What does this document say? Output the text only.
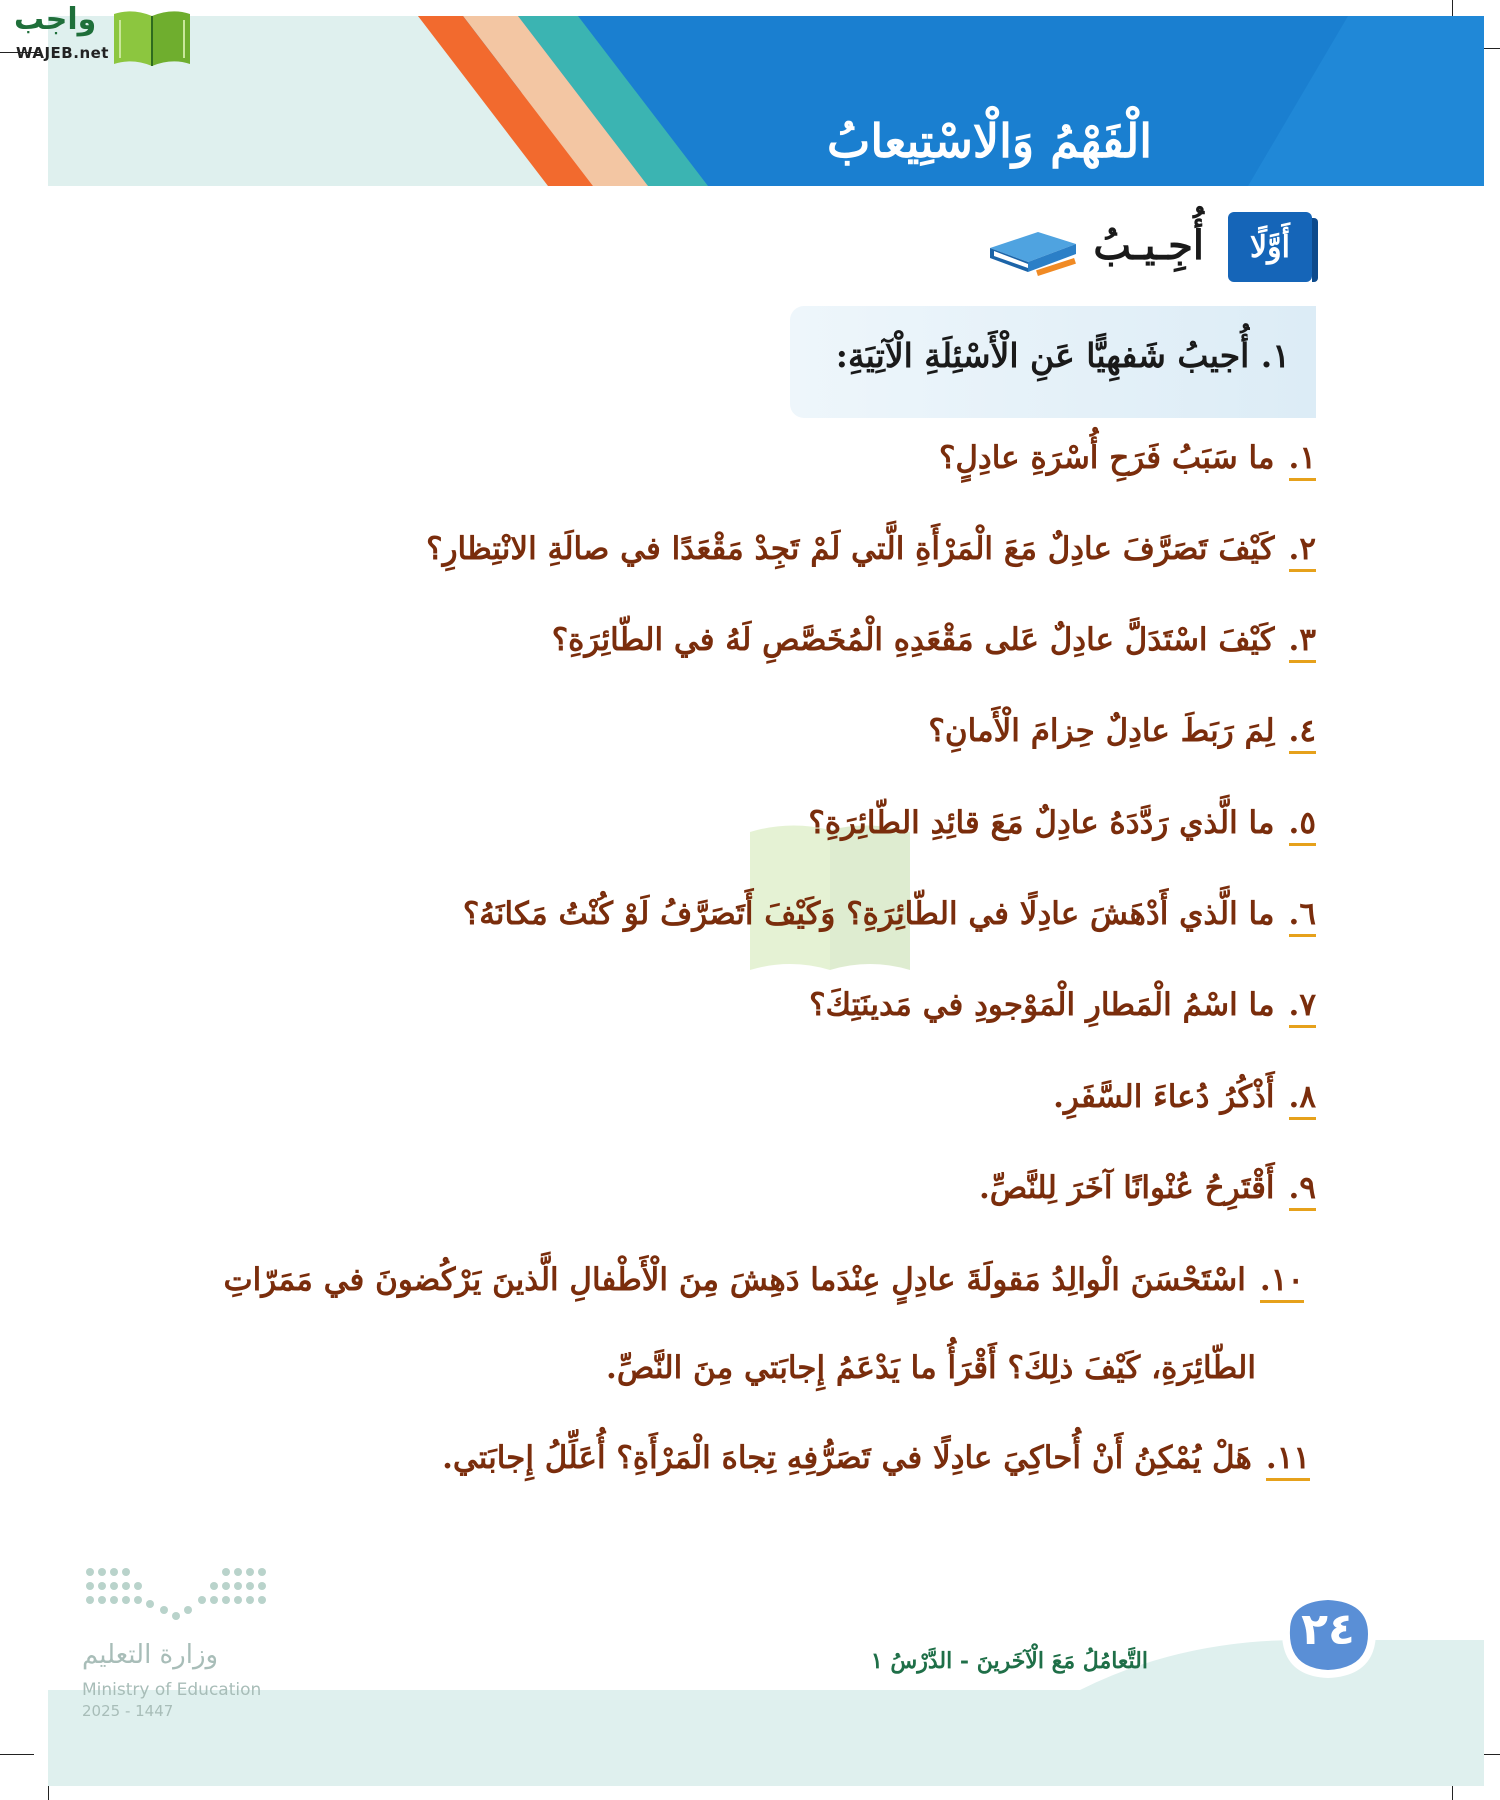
الْفَهْمُ وَالْاسْتِيعابُ
واجب
WAJEB.net
أَوَّلًا
أُجِـيـبُ
١. أُجيبُ شَفهِيًّا عَنِ الْأَسْئِلَةِ الْآتِيَةِ:
١.ما سَبَبُ فَرَحِ أُسْرَةِ عادِلٍ؟
٢.كَيْفَ تَصَرَّفَ عادِلٌ مَعَ الْمَرْأَةِ الَّتي لَمْ تَجِدْ مَقْعَدًا في صالَةِ الانْتِظارِ؟
٣.كَيْفَ اسْتَدَلَّ عادِلٌ عَلى مَقْعَدِهِ الْمُخَصَّصِ لَهُ في الطّائِرَةِ؟
٤.لِمَ رَبَطَ عادِلٌ حِزامَ الْأَمانِ؟
٥.ما الَّذي رَدَّدَهُ عادِلٌ مَعَ قائِدِ الطّائِرَةِ؟
٦.ما الَّذي أَدْهَشَ عادِلًا في الطّائِرَةِ؟ وَكَيْفَ أَتَصَرَّفُ لَوْ كُنْتُ مَكانَهُ؟
٧.ما اسْمُ الْمَطارِ الْمَوْجودِ في مَدينَتِكَ؟
٨.أَذْكُرُ دُعاءَ السَّفَرِ.
٩.أَقْتَرِحُ عُنْوانًا آخَرَ لِلنَّصِّ.
١٠.اسْتَحْسَنَ الْوالِدُ مَقولَةَ عادِلٍ عِنْدَما دَهِشَ مِنَ الْأَطْفالِ الَّذينَ يَرْكُضونَ في مَمَرّاتِ
الطّائِرَةِ، كَيْفَ ذلِكَ؟ أَقْرَأُ ما يَدْعَمُ إِجابَتي مِنَ النَّصِّ.
١١.هَلْ يُمْكِنُ أَنْ أُحاكِيَ عادِلًا في تَصَرُّفِهِ تِجاهَ الْمَرْأَةِ؟ أُعَلِّلُ إِجابَتي.
٢٤
التَّعامُلُ مَعَ الْآخَرينَ - الدَّرْسُ ١
وزارة التعليم
Ministry of Education
2025 - 1447
